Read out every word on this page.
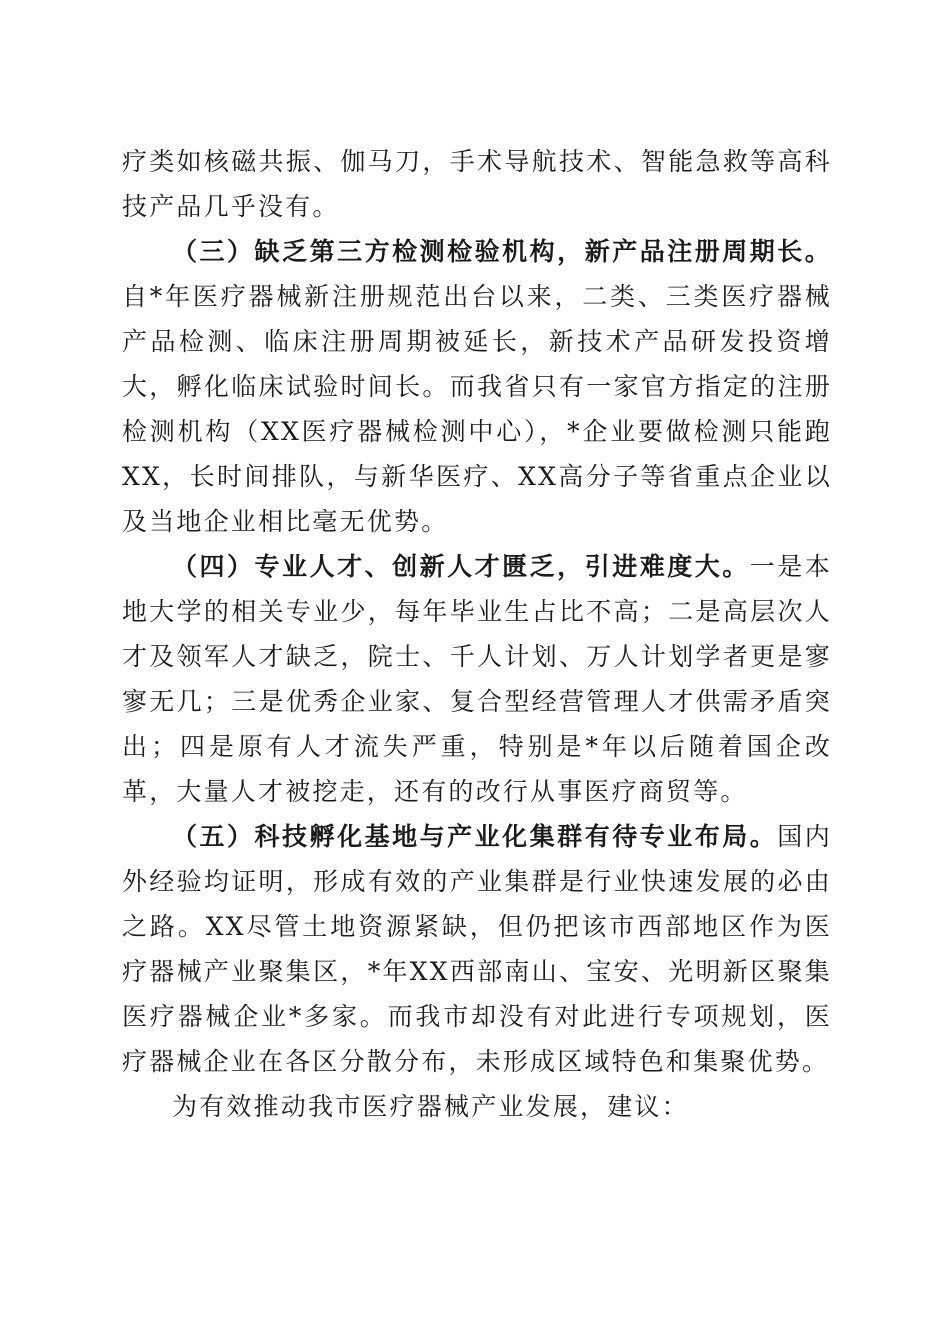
疗类如核磁共振、伽马刀，手术导航技术、智能急救等高科技产品几乎没有。

（三）缺乏第三方检测检验机构，新产品注册周期长。自*年医疗器械新注册规范出台以来，二类、三类医疗器械产品检测、临床注册周期被延长，新技术产品研发投资增大，孵化临床试验时间长。而我省只有一家官方指定的注册检测机构（XX医疗器械检测中心），*企业要做检测只能跑XX，长时间排队，与新华医疗、XX高分子等省重点企业以及当地企业相比毫无优势。

（四）专业人才、创新人才匮乏，引进难度大。一是本地大学的相关专业少，每年毕业生占比不高；二是高层次人才及领军人才缺乏，院士、千人计划、万人计划学者更是寥寥无几；三是优秀企业家、复合型经营管理人才供需矛盾突出；四是原有人才流失严重，特别是*年以后随着国企改革，大量人才被挖走，还有的改行从事医疗商贸等。

（五）科技孵化基地与产业化集群有待专业布局。国内外经验均证明，形成有效的产业集群是行业快速发展的必由之路。XX尽管土地资源紧缺，但仍把该市西部地区作为医疗器械产业聚集区，*年XX西部南山、宝安、光明新区聚集医疗器械企业*多家。而我市却没有对此进行专项规划，医疗器械企业在各区分散分布，未形成区域特色和集聚优势。

为有效推动我市医疗器械产业发展，建议：
